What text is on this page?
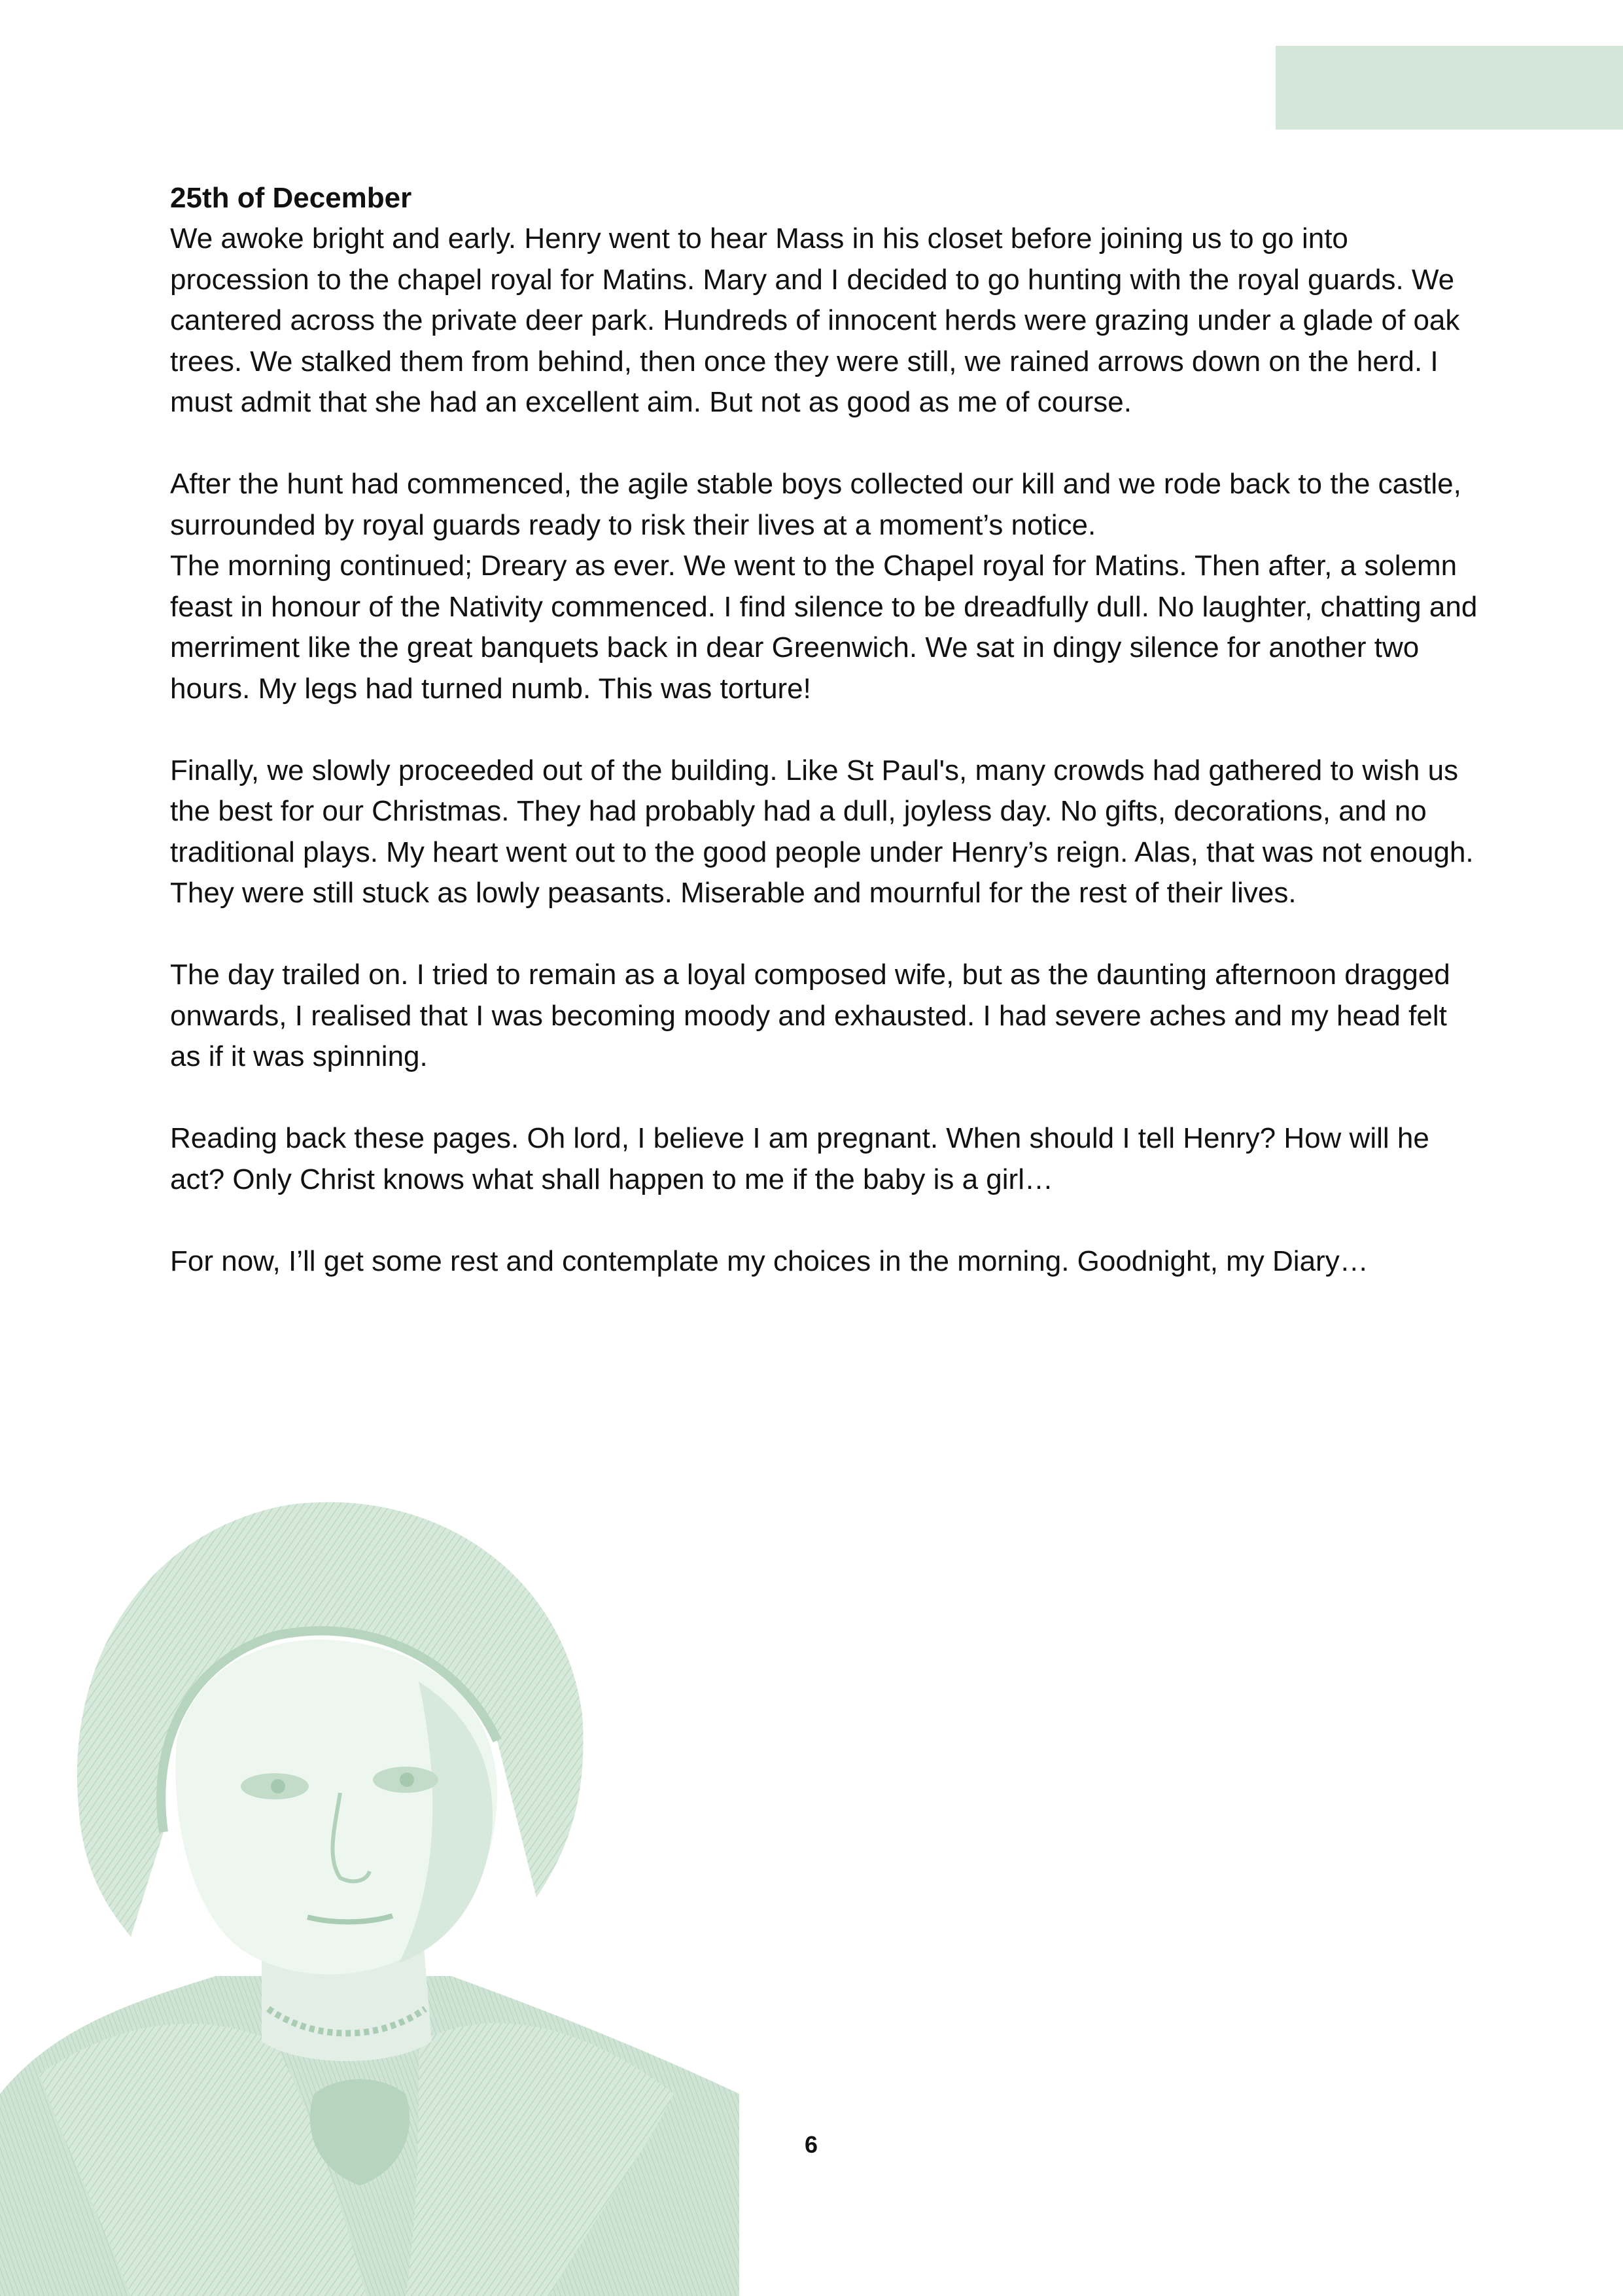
25th of December

We awoke bright and early. Henry went to hear Mass in his closet before joining us to go into procession to the chapel royal for Matins. Mary and I decided to go hunting with the royal guards. We cantered across the private deer park. Hundreds of innocent herds were grazing under a glade of oak trees. We stalked them from behind, then once they were still, we rained arrows down on the herd. I must admit that she had an excellent aim. But not as good as me of course.

After the hunt had commenced, the agile stable boys collected our kill and we rode back to the castle, surrounded by royal guards ready to risk their lives at a moment’s notice.

The morning continued; Dreary as ever. We went to the Chapel royal for Matins. Then after, a solemn feast in honour of the Nativity commenced. I find silence to be dreadfully dull. No laughter, chatting and merriment like the great banquets back in dear Greenwich. We sat in dingy silence for another two hours. My legs had turned numb. This was torture!

Finally, we slowly proceeded out of the building. Like St Paul's, many crowds had gathered to wish us the best for our Christmas. They had probably had a dull, joyless day. No gifts, decorations, and no traditional plays. My heart went out to the good people under Henry’s reign. Alas, that was not enough. They were still stuck as lowly peasants. Miserable and mournful for the rest of their lives.

The day trailed on. I tried to remain as a loyal composed wife, but as the daunting afternoon dragged onwards, I realised that I was becoming moody and exhausted. I had severe aches and my head felt as if it was spinning.

Reading back these pages. Oh lord, I believe I am pregnant. When should I tell Henry? How will he act? Only Christ knows what shall happen to me if the baby is a girl…

For now, I’ll get some rest and contemplate my choices in the morning. Goodnight, my Diary…

6
